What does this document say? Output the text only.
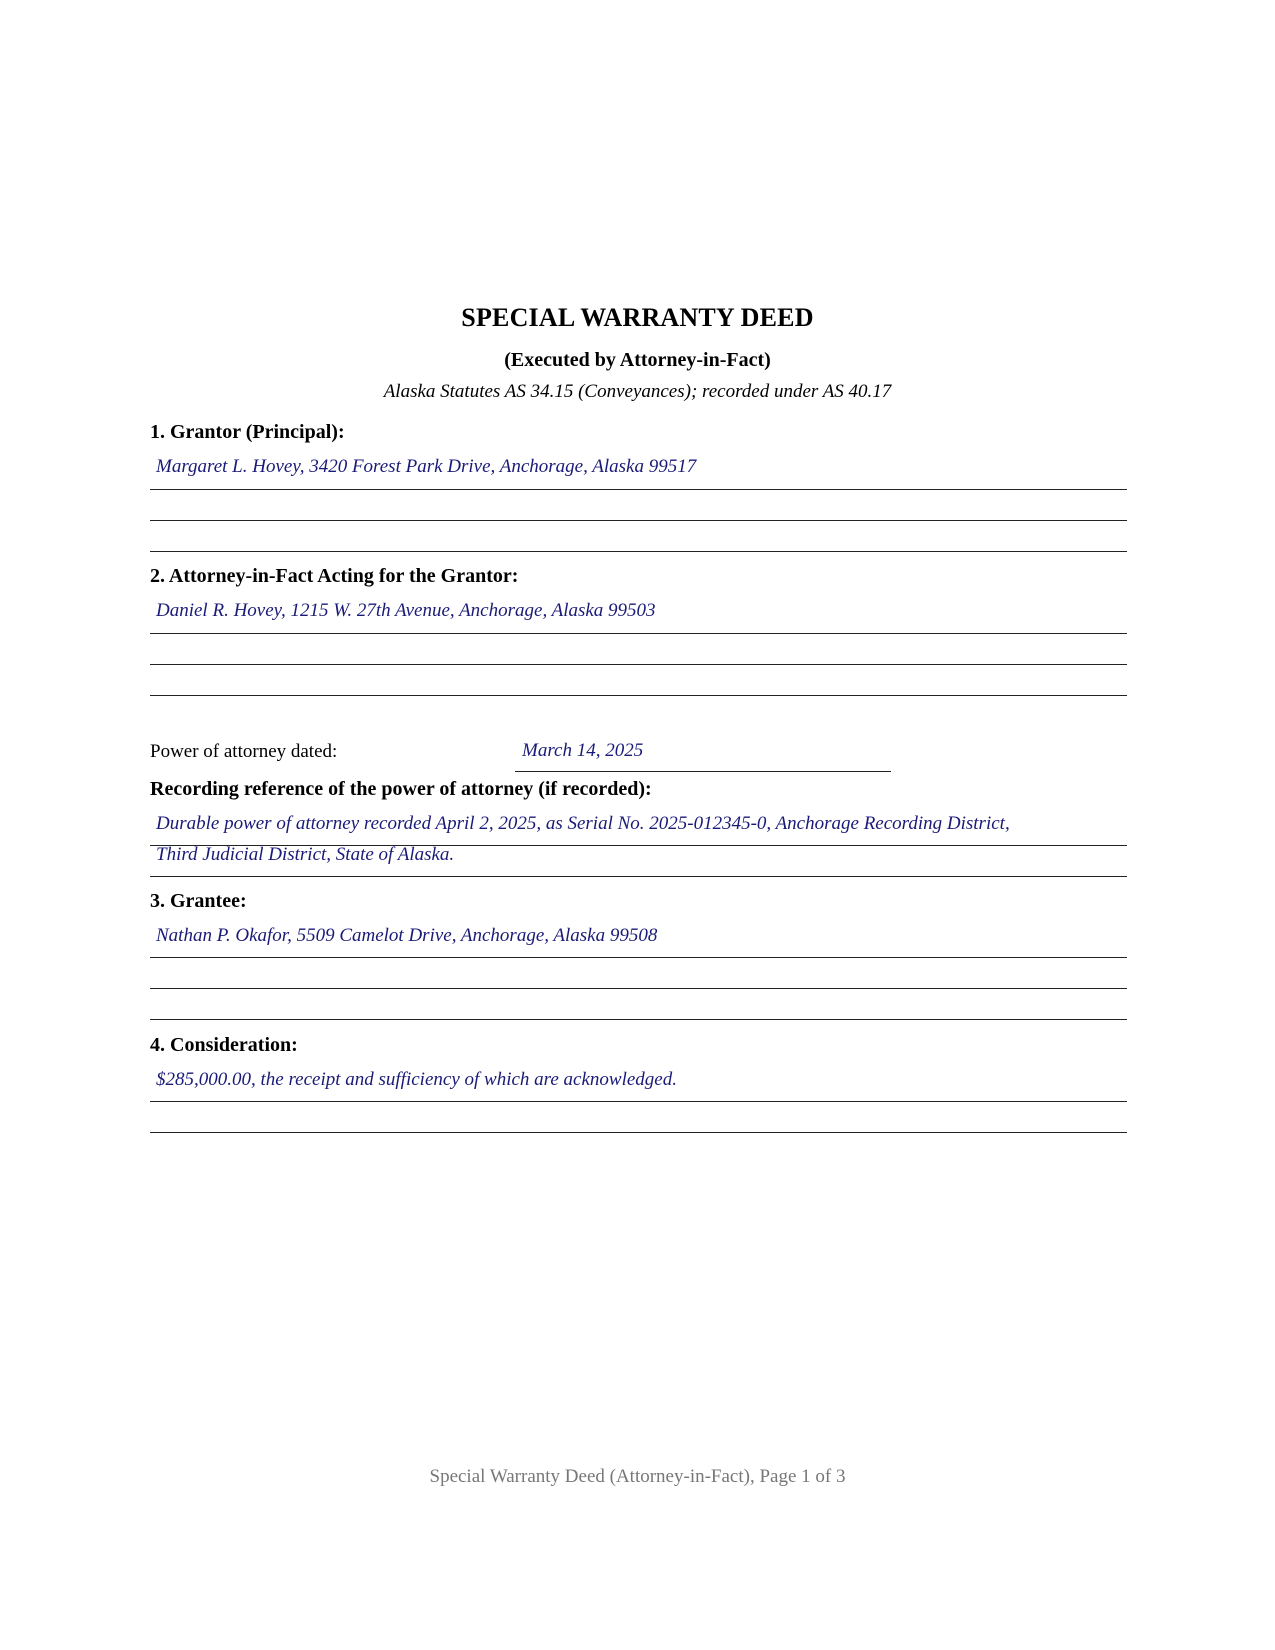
SPECIAL WARRANTY DEED
(Executed by Attorney-in-Fact)
Alaska Statutes AS 34.15 (Conveyances); recorded under AS 40.17
1. Grantor (Principal):
Margaret L. Hovey, 3420 Forest Park Drive, Anchorage, Alaska 99517
2. Attorney-in-Fact Acting for the Grantor:
Daniel R. Hovey, 1215 W. 27th Avenue, Anchorage, Alaska 99503
Power of attorney dated:	March 14, 2025
Recording reference of the power of attorney (if recorded):
Durable power of attorney recorded April 2, 2025, as Serial No. 2025-012345-0, Anchorage Recording District,
Third Judicial District, State of Alaska.
3. Grantee:
Nathan P. Okafor, 5509 Camelot Drive, Anchorage, Alaska 99508
4. Consideration:
$285,000.00, the receipt and sufficiency of which are acknowledged.
Special Warranty Deed (Attorney-in-Fact), Page 1 of 3
